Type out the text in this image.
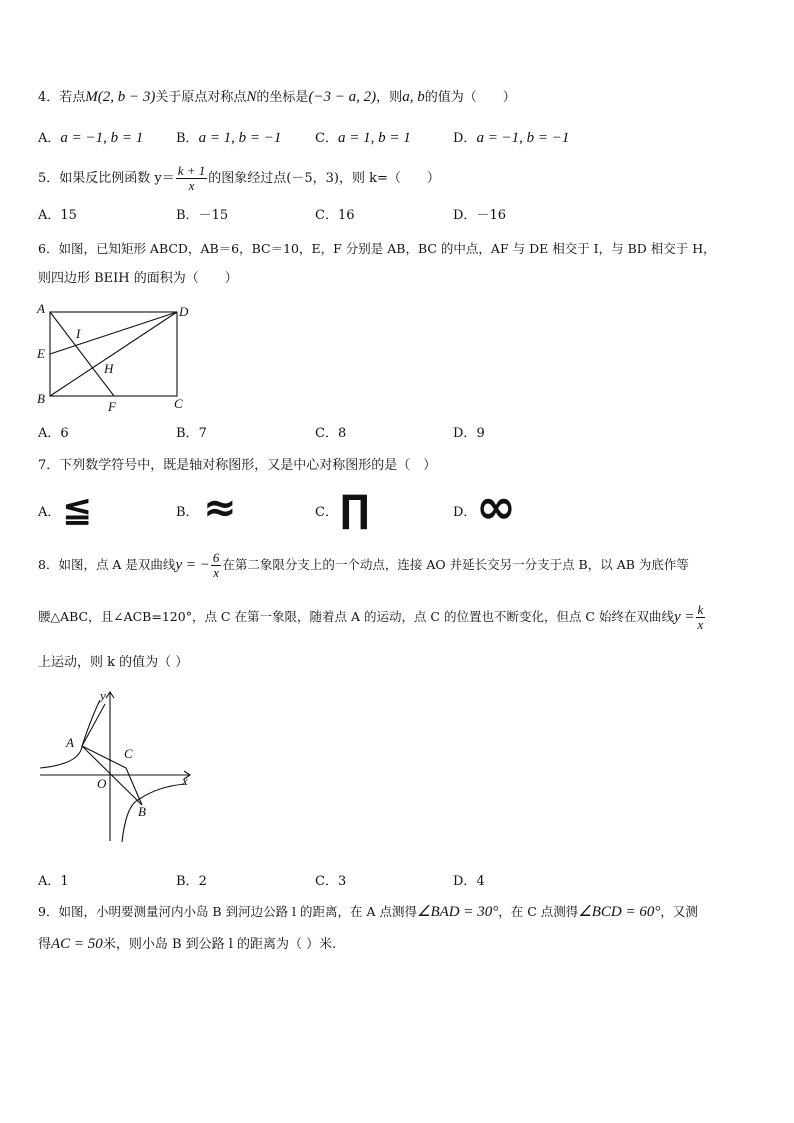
4．若点M(2, b − 3)关于原点对称点N的坐标是(−3 − a, 2)，则a, b的值为（　　）
A．a = −1, b = 1	B．a = 1, b = −1	C．a = 1, b = 1	D．a = −1, b = −1
5．如果反比例函数 $y= \frac{k + 1}{x}$ 的图象经过点(－5，3)，则 k=（　　）
A．15	B．－15	C．16	D．－16
6．如图，已知矩形 ABCD，AB＝6，BC＝10，E，F 分别是 AB，BC 的中点，AF 与 DE 相交于 I，与 BD 相交于 H，
则四边形 BEIH 的面积为（　　）
A	D
I
E
H
B
F	C
A．6	B．7	C．8	D．9
7．下列数学符号中，既是轴对称图形，又是中心对称图形的是（　）
A． ≦	B． ≈	C． ∏	D． ∞
8．如图，点 A 是双曲线y = − $\frac{6}{x}$ 在第二象限分支上的一个动点，连接 AO 并延长交另一分支于点 B，以 AB 为底作等
腰△ABC，且∠ACB=120°，点 C 在第一象限，随着点 A 的运动，点 C 的位置也不断变化，但点 C 始终在双曲线$y = \frac{k}{x}$
上运动，则 k 的值为（ ）
y
A
C
O	x
B
A．1	B．2	C．3	D．4
9．如图，小明要测量河内小岛 B 到河边公路 l 的距离，在 A 点测得∠BAD = 30°，在 C 点测得∠BCD = 60°，又测
得AC = 50米，则小岛 B 到公路 l 的距离为（ ）米.
